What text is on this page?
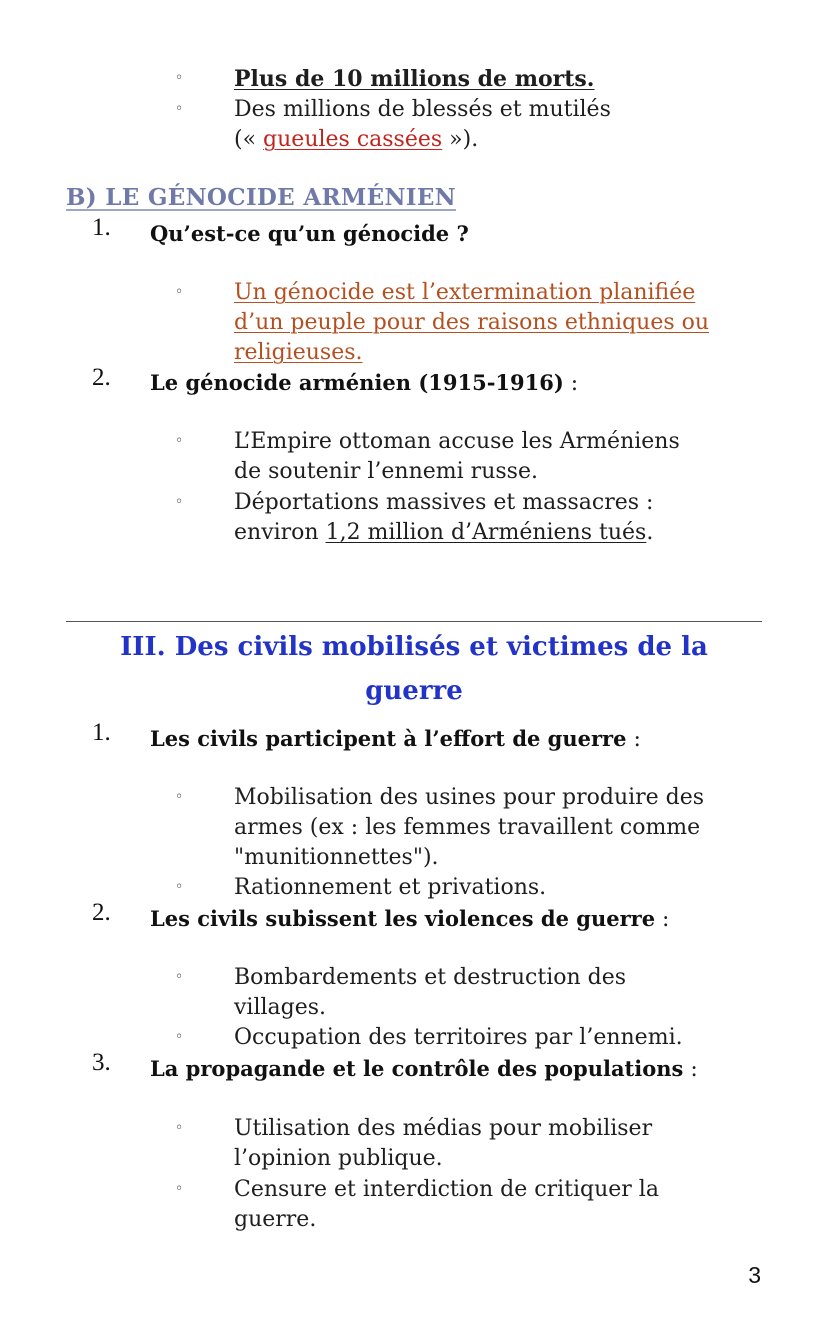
◦ Plus de 10 millions de morts.
◦ Des millions de blessés et mutilés
(« gueules cassées »).
B) LE GÉNOCIDE ARMÉNIEN
1. Qu’est-ce qu’un génocide ?
◦ Un génocide est l’extermination planifiée
d’un peuple pour des raisons ethniques ou
religieuses.
2. Le génocide arménien (1915-1916) :
◦ L’Empire ottoman accuse les Arméniens
de soutenir l’ennemi russe.
◦ Déportations massives et massacres :
environ 1,2 million d’Arméniens tués.
III. Des civils mobilisés et victimes de la
guerre
1. Les civils participent à l’effort de guerre :
◦ Mobilisation des usines pour produire des
armes (ex : les femmes travaillent comme
"munitionnettes").
◦ Rationnement et privations.
2. Les civils subissent les violences de guerre :
◦ Bombardements et destruction des
villages.
◦ Occupation des territoires par l’ennemi.
3. La propagande et le contrôle des populations :
◦ Utilisation des médias pour mobiliser
l’opinion publique.
◦ Censure et interdiction de critiquer la
guerre.
3
